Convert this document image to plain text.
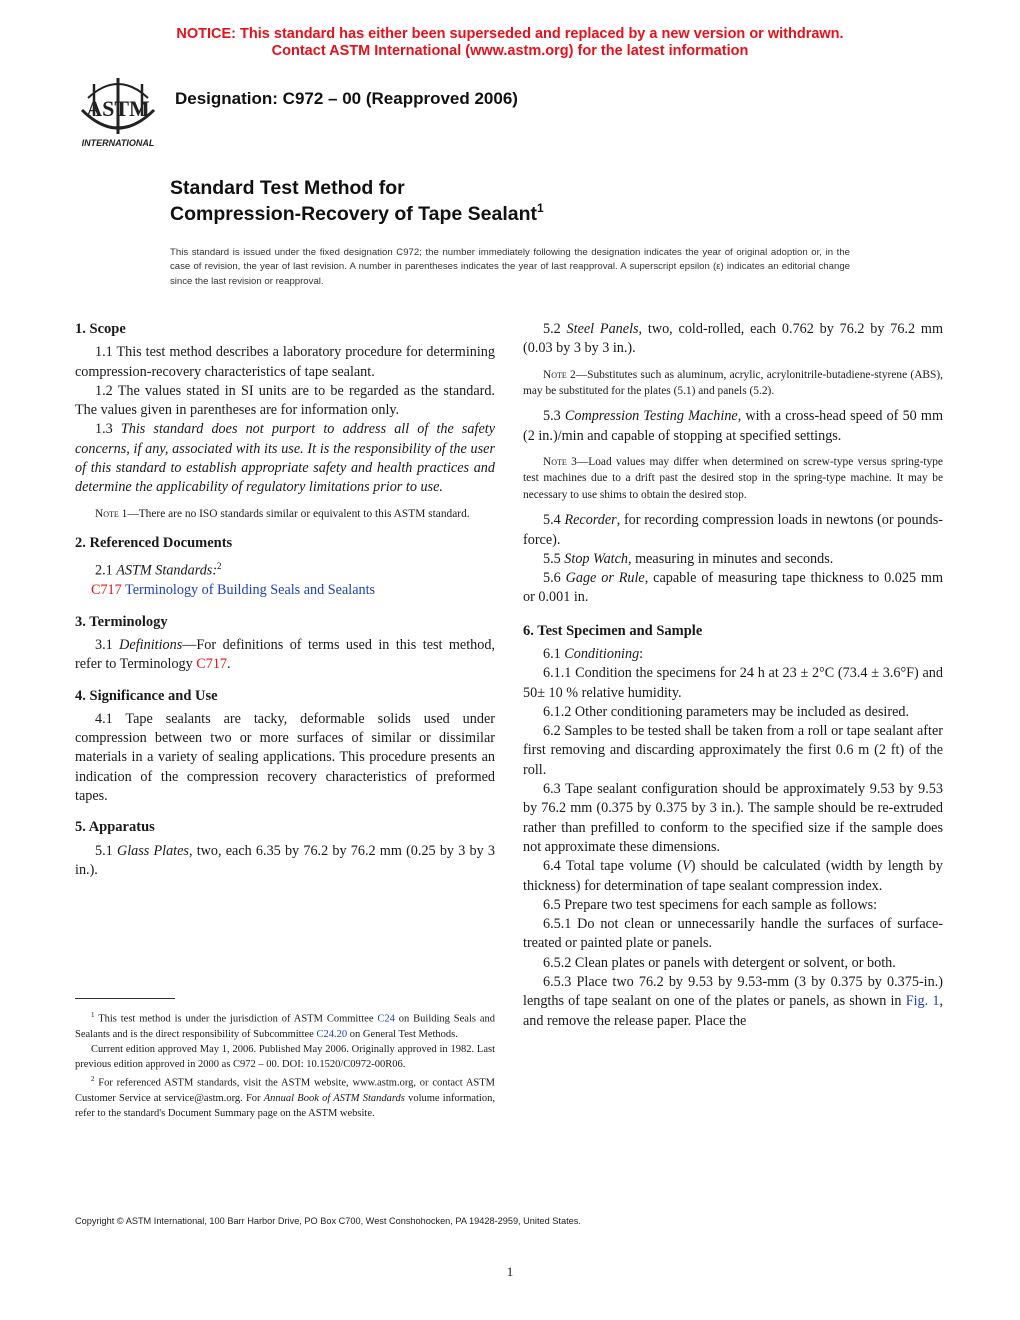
NOTICE: This standard has either been superseded and replaced by a new version or withdrawn.
Contact ASTM International (www.astm.org) for the latest information
ASTM
INTERNATIONAL
Designation: C972 – 00 (Reapproved 2006)
Standard Test Method for
Compression-Recovery of Tape Sealant$^1$
This standard is issued under the fixed designation C972; the number immediately following the designation indicates the year of original adoption or, in the case of revision, the year of last revision. A number in parentheses indicates the year of last reapproval. A superscript epsilon (ε) indicates an editorial change since the last revision or reapproval.
1. Scope

1.1 This test method describes a laboratory procedure for determining compression-recovery characteristics of tape sealant.

1.2 The values stated in SI units are to be regarded as the standard. The values given in parentheses are for information only.

1.3 This standard does not purport to address all of the safety concerns, if any, associated with its use. It is the responsibility of the user of this standard to establish appropriate safety and health practices and determine the applicability of regulatory limitations prior to use.

Note 1—There are no ISO standards similar or equivalent to this ASTM standard.
2. Referenced Documents

2.1 ASTM Standards:$^2$

C717 Terminology of Building Seals and Sealants

3. Terminology

3.1 Definitions—For definitions of terms used in this test method, refer to Terminology C717.

4. Significance and Use

4.1 Tape sealants are tacky, deformable solids used under compression between two or more surfaces of similar or dissimilar materials in a variety of sealing applications. This procedure presents an indication of the compression recovery characteristics of preformed tapes.

5. Apparatus

5.1 Glass Plates, two, each 6.35 by 76.2 by 76.2 mm (0.25 by 3 by 3 in.).

$^1$ This test method is under the jurisdiction of ASTM Committee C24 on Building Seals and Sealants and is the direct responsibility of Subcommittee C24.20 on General Test Methods.

Current edition approved May 1, 2006. Published May 2006. Originally approved in 1982. Last previous edition approved in 2000 as C972 – 00. DOI: 10.1520/C0972-00R06.

$^2$ For referenced ASTM standards, visit the ASTM website, www.astm.org, or contact ASTM Customer Service at service@astm.org. For Annual Book of ASTM Standards volume information, refer to the standard's Document Summary page on the ASTM website.

5.2 Steel Panels, two, cold-rolled, each 0.762 by 76.2 by 76.2 mm (0.03 by 3 by 3 in.).

Note 2—Substitutes such as aluminum, acrylic, acrylonitrile-butadiene-styrene (ABS), may be substituted for the plates (5.1) and panels (5.2).

5.3 Compression Testing Machine, with a cross-head speed of 50 mm (2 in.)/min and capable of stopping at specified settings.

Note 3—Load values may differ when determined on screw-type versus spring-type test machines due to a drift past the desired stop in the spring-type machine. It may be necessary to use shims to obtain the desired stop.

5.4 Recorder, for recording compression loads in newtons (or pounds-force).

5.5 Stop Watch, measuring in minutes and seconds.

5.6 Gage or Rule, capable of measuring tape thickness to 0.025 mm or 0.001 in.

6. Test Specimen and Sample

6.1 Conditioning:

6.1.1 Condition the specimens for 24 h at 23 ± 2°C (73.4 ± 3.6°F) and 50± 10 % relative humidity.

6.1.2 Other conditioning parameters may be included as desired.

6.2 Samples to be tested shall be taken from a roll or tape sealant after first removing and discarding approximately the first 0.6 m (2 ft) of the roll.

6.3 Tape sealant configuration should be approximately 9.53 by 9.53 by 76.2 mm (0.375 by 0.375 by 3 in.). The sample should be re-extruded rather than prefilled to conform to the specified size if the sample does not approximate these dimensions.

6.4 Total tape volume (V) should be calculated (width by length by thickness) for determination of tape sealant compression index.

6.5 Prepare two test specimens for each sample as follows:

6.5.1 Do not clean or unnecessarily handle the surfaces of surface-treated or painted plate or panels.

6.5.2 Clean plates or panels with detergent or solvent, or both.

6.5.3 Place two 76.2 by 9.53 by 9.53-mm (3 by 0.375 by 0.375-in.) lengths of tape sealant on one of the plates or panels, as shown in Fig. 1, and remove the release paper. Place the

Copyright © ASTM International, 100 Barr Harbor Drive, PO Box C700, West Conshohocken, PA 19428-2959, United States.
1
